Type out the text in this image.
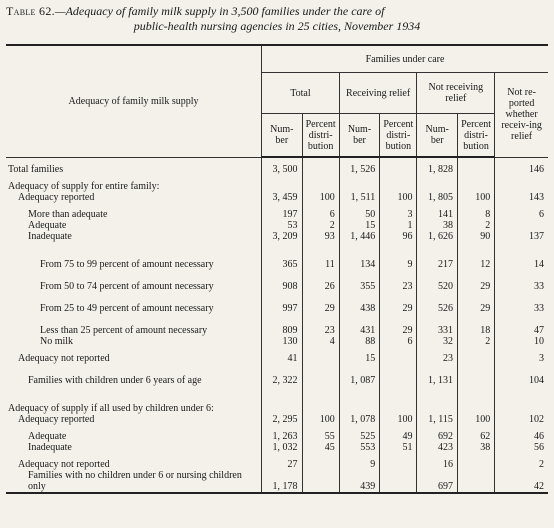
Table 62.—Adequacy of family milk supply in 3,500 families under the care of
public-health nursing agencies in 25 cities, November 1934
Adequacy of family milk supply	Families under care						
	Total		Receiving relief		Not receiving relief		Not re-ported whether receiv-ing relief
	Num-ber	Percent distri-bution	Num-ber	Percent distri-bution	Num-ber	Percent distri-bution	

Total families	3, 500		1, 526		1, 828		146

Adequacy of supply for entire family:							
Adequacy reported	3, 459	100	1, 511	100	1, 805	100	143

More than adequate	197	6	50	3	141	8	6
Adequate	53	2	15	1	38	2	
Inadequate	3, 209	93	1, 446	96	1, 626	90	137

From 75 to 99 percent of amount necessary	365	11	134	9	217	12	14
From 50 to 74 percent of amount necessary	908	26	355	23	520	29	33
From 25 to 49 percent of amount necessary	997	29	438	29	526	29	33
Less than 25 percent of amount necessary	809	23	431	29	331	18	47
No milk	130	4	88	6	32	2	10

Adequacy not reported	41		15		23		3
Families with children under 6 years of age	2, 322		1, 087		1, 131		104

Adequacy of supply if all used by children under 6:							
Adequacy reported	2, 295	100	1, 078	100	1, 115	100	102

Adequate	1, 263	55	525	49	692	62	46
Inadequate	1, 032	45	553	51	423	38	56

Adequacy not reported	27		9		16		2
Families with no children under 6 or nursing children only	1, 178		439		697		42
